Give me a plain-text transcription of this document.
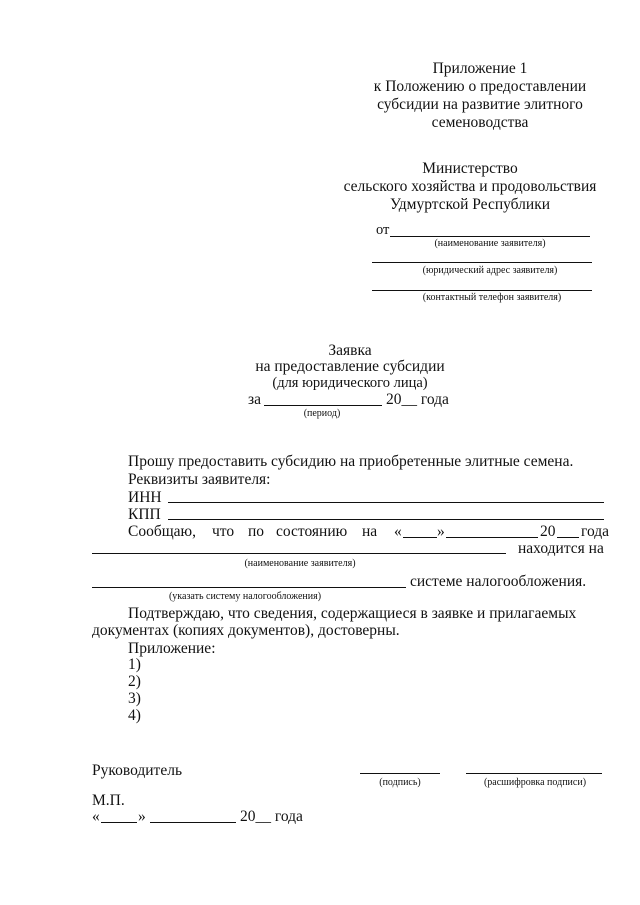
Приложение 1
к Положению о предоставлении
субсидии на развитие элитного
семеноводства
Министерство
сельского хозяйства и продовольствия
Удмуртской Республики
от
(наименование заявителя)
(юридический адрес заявителя)
(контактный телефон заявителя)
Заявка
на предоставление субсидии
(для юридического лица)
за	20__ года
(период)
Прошу предоставить субсидию на приобретенные элитные семена.
Реквизиты заявителя:
ИНН
КПП
Сообщаю, что по состоянию на « »	20 года
находится на
(наименование заявителя)
системе налогообложения.
(указать систему налогообложения)
Подтверждаю, что сведения, содержащиеся в заявке и прилагаемых
документах (копиях документов), достоверны.
Приложение:
1)
2)
3)
4)
Руководитель
(подпись)	(расшифровка подписи)
М.П.
« »	20__ года
